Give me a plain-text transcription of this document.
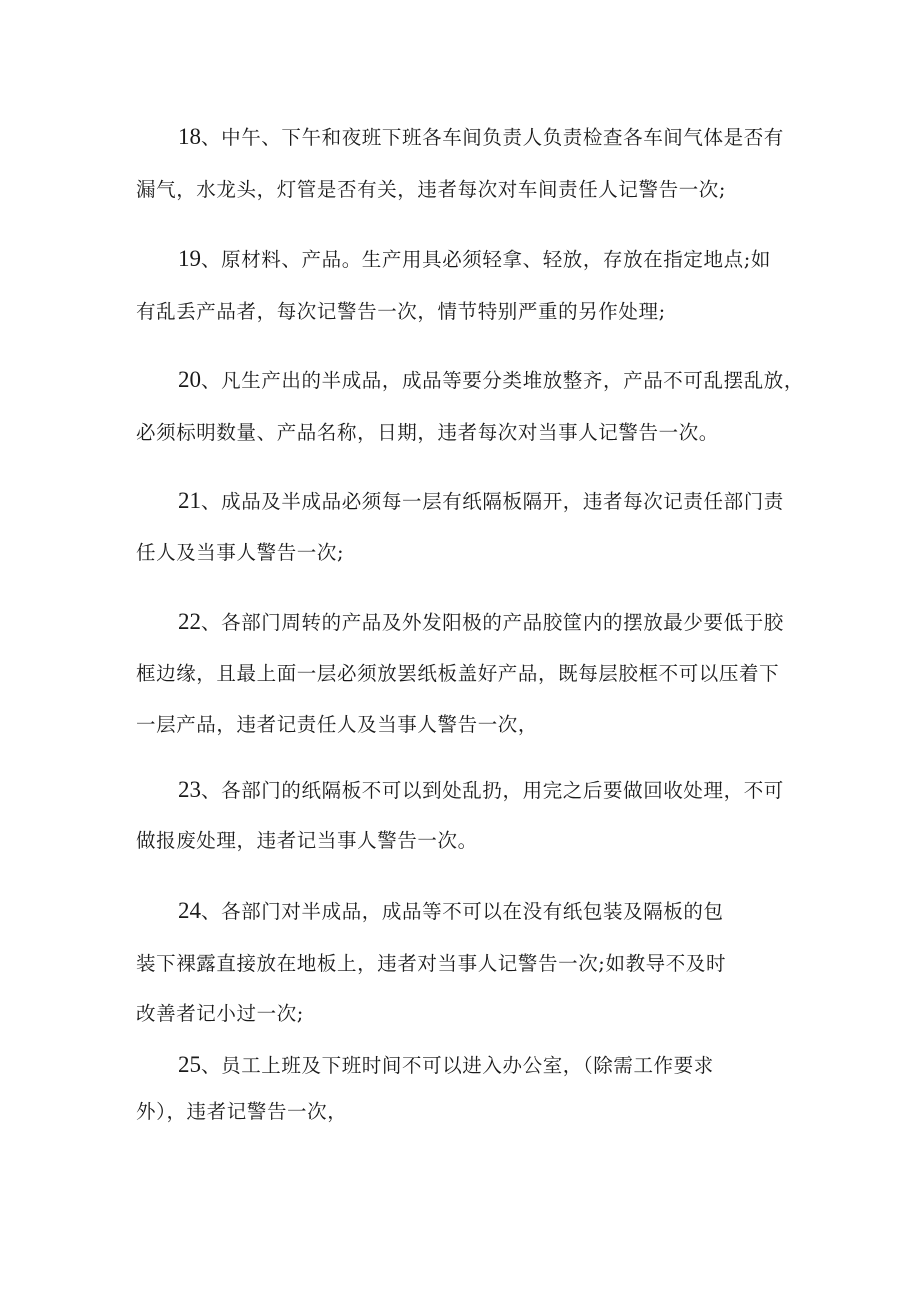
18、中午、下午和夜班下班各车间负责人负责检查各车间气体是否有
漏气，水龙头，灯管是否有关，违者每次对车间责任人记警告一次;
19、原材料、产品。生产用具必须轻拿、轻放，存放在指定地点;如
有乱丢产品者，每次记警告一次，情节特别严重的另作处理;
20、凡生产出的半成品，成品等要分类堆放整齐，产品不可乱摆乱放，
必须标明数量、产品名称，日期，违者每次对当事人记警告一次。
21、成品及半成品必须每一层有纸隔板隔开，违者每次记责任部门责
任人及当事人警告一次;
22、各部门周转的产品及外发阳极的产品胶筐内的摆放最少要低于胶
框边缘，且最上面一层必须放罢纸板盖好产品，既每层胶框不可以压着下
一层产品，违者记责任人及当事人警告一次，
23、各部门的纸隔板不可以到处乱扔，用完之后要做回收处理，不可
做报废处理，违者记当事人警告一次。
24、各部门对半成品，成品等不可以在没有纸包装及隔板的包
装下裸露直接放在地板上，违者对当事人记警告一次;如教导不及时
改善者记小过一次;
25、员工上班及下班时间不可以进入办公室，（除需工作要求
外），违者记警告一次，
